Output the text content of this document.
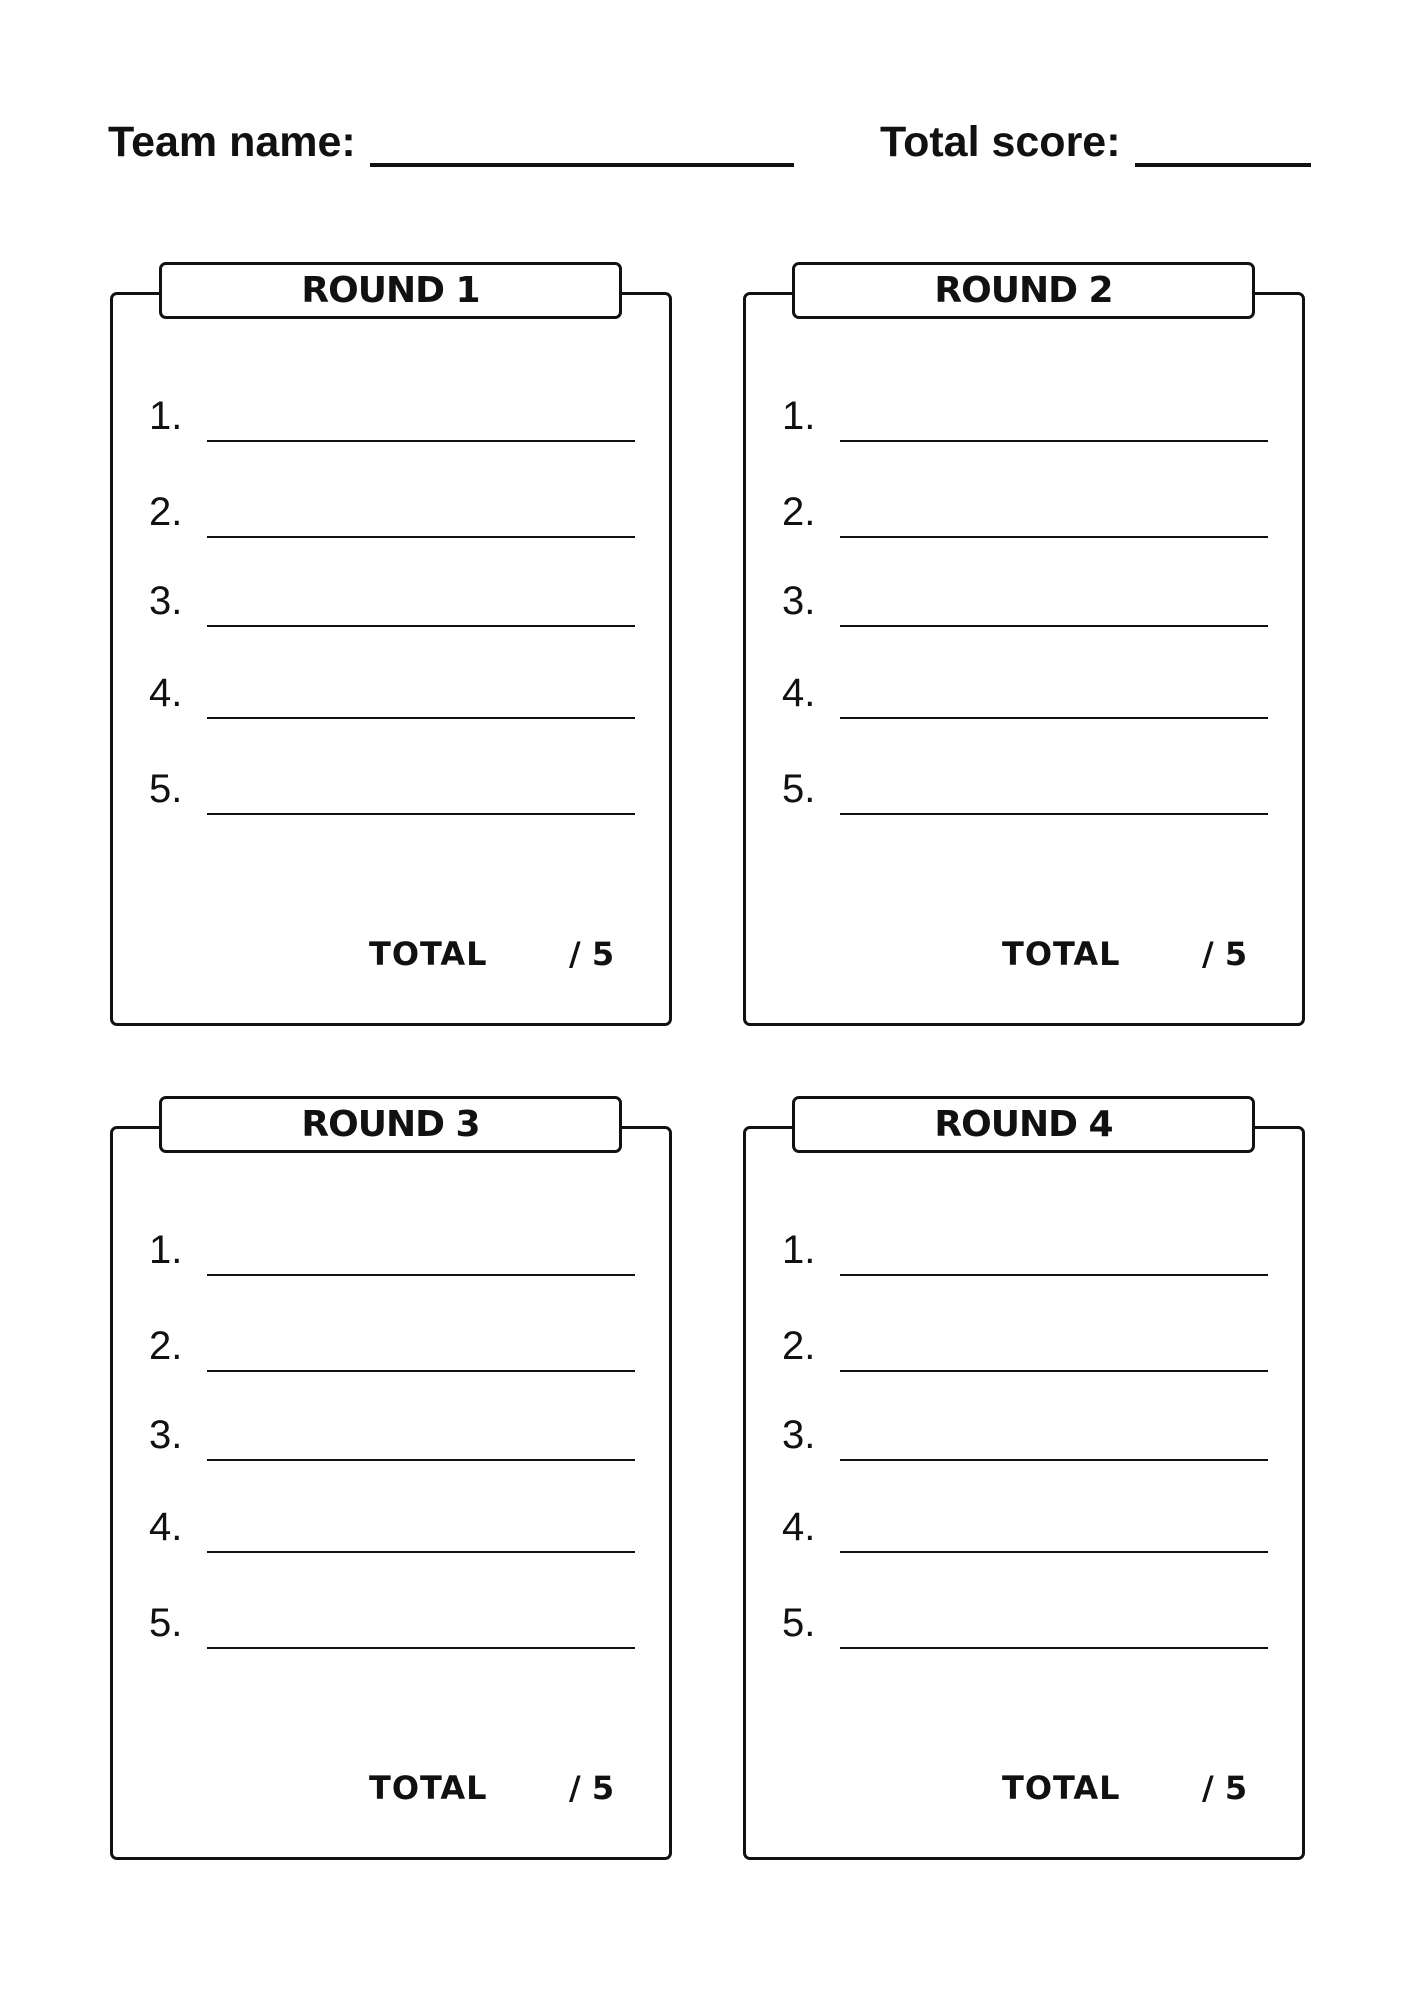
Team name:	Total score:
ROUND 1
1.
2.
3.
4.
5.
TOTAL	/ 5
ROUND 2
1.
2.
3.
4.
5.
TOTAL	/ 5
ROUND 3
1.
2.
3.
4.
5.
TOTAL	/ 5
ROUND 4
1.
2.
3.
4.
5.
TOTAL	/ 5
